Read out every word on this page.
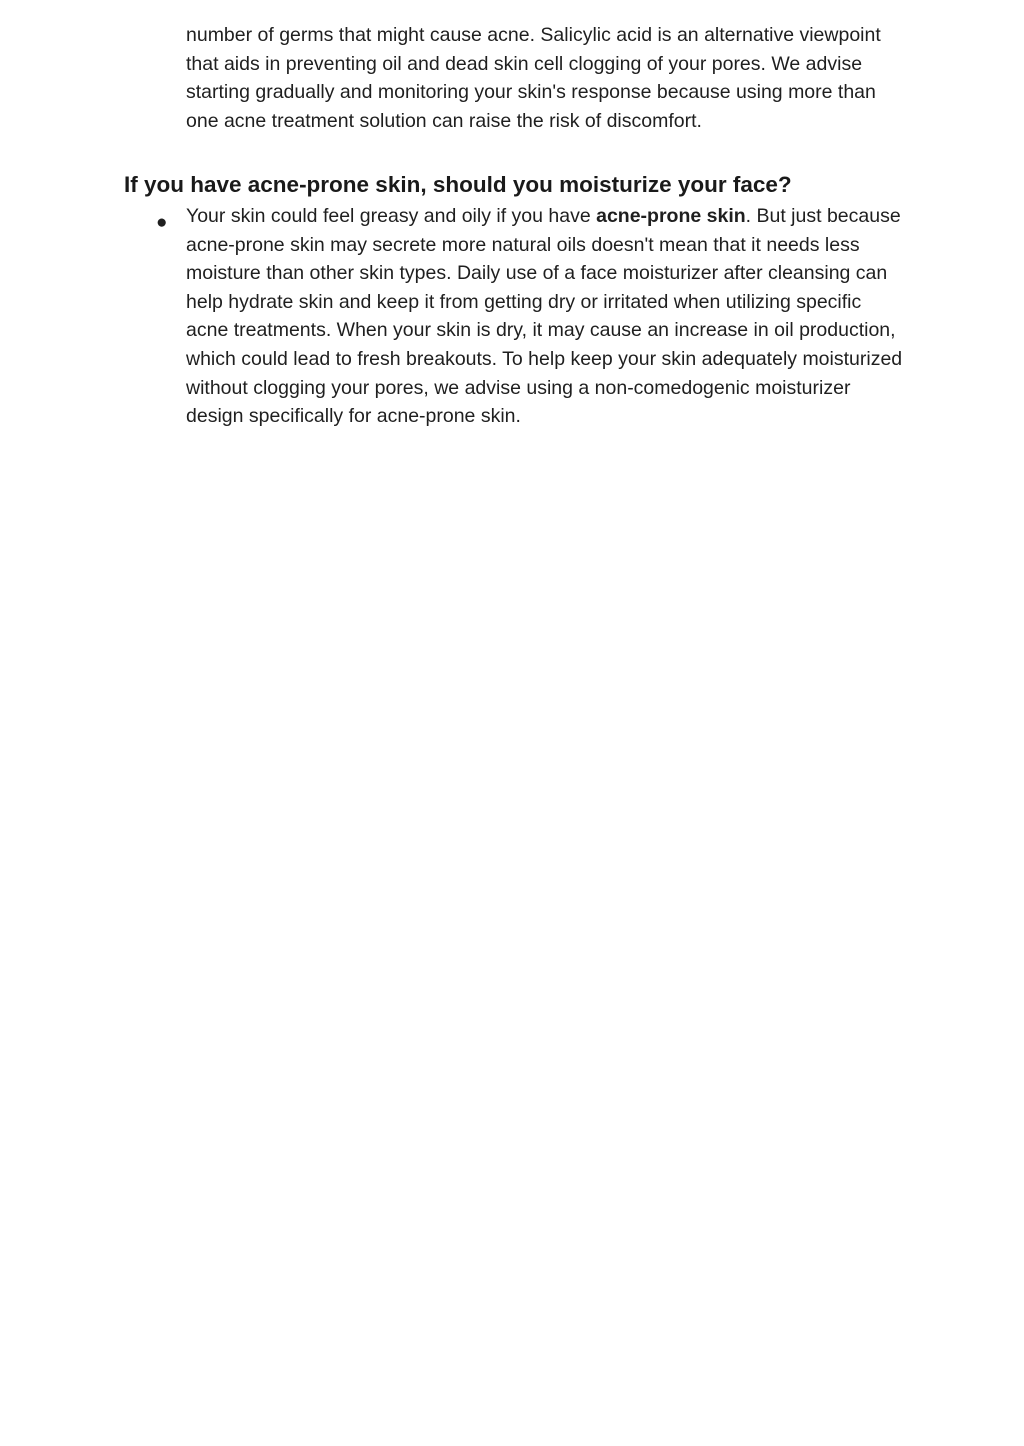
number of germs that might cause acne. Salicylic acid is an alternative viewpoint that aids in preventing oil and dead skin cell clogging of your pores. We advise starting gradually and monitoring your skin's response because using more than one acne treatment solution can raise the risk of discomfort.

If you have acne-prone skin, should you moisturize your face?
● Your skin could feel greasy and oily if you have acne-prone skin. But just because acne-prone skin may secrete more natural oils doesn't mean that it needs less moisture than other skin types. Daily use of a face moisturizer after cleansing can help hydrate skin and keep it from getting dry or irritated when utilizing specific acne treatments. When your skin is dry, it may cause an increase in oil production, which could lead to fresh breakouts. To help keep your skin adequately moisturized without clogging your pores, we advise using a non-comedogenic moisturizer design specifically for acne-prone skin.
